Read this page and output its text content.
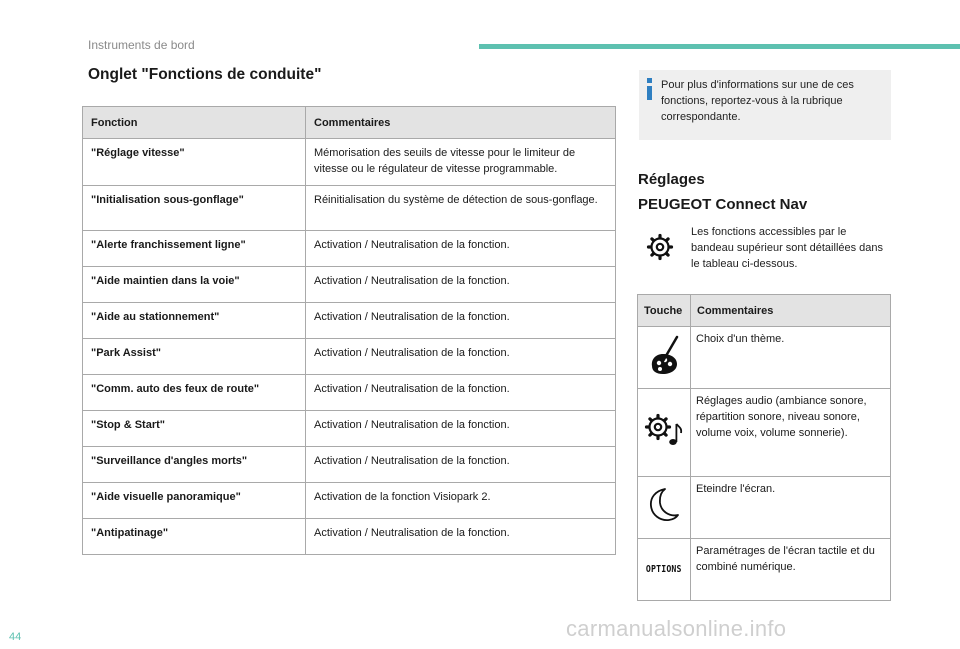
Instruments de bord
Onglet "Fonctions de conduite"
Fonction	Commentaires
"Réglage vitesse"	Mémorisation des seuils de vitesse pour le limiteur de vitesse ou le régulateur de vitesse programmable.
"Initialisation sous-gonflage"	Réinitialisation du système de détection de sous-gonflage.
"Alerte franchissement ligne"	Activation / Neutralisation de la fonction.
"Aide maintien dans la voie"	Activation / Neutralisation de la fonction.
"Aide au stationnement"	Activation / Neutralisation de la fonction.
"Park Assist"	Activation / Neutralisation de la fonction.
"Comm. auto des feux de route"	Activation / Neutralisation de la fonction.
"Stop & Start"	Activation / Neutralisation de la fonction.
"Surveillance d'angles morts"	Activation / Neutralisation de la fonction.
"Aide visuelle panoramique"	Activation de la fonction Visiopark 2.
"Antipatinage"	Activation / Neutralisation de la fonction.
Pour plus d'informations sur une de ces fonctions, reportez-vous à la rubrique correspondante.
Réglages
PEUGEOT Connect Nav
Les fonctions accessibles par le bandeau supérieur sont détaillées dans le tableau ci-dessous.
Touche	Commentaires

	Choix d'un thème.

	Réglages audio (ambiance sonore, répartition sonore, niveau sonore, volume voix, volume sonnerie).

	Eteindre l'écran.
OPTIONS	Paramétrages de l'écran tactile et du combiné numérique.
44	carmanualsonline.info
